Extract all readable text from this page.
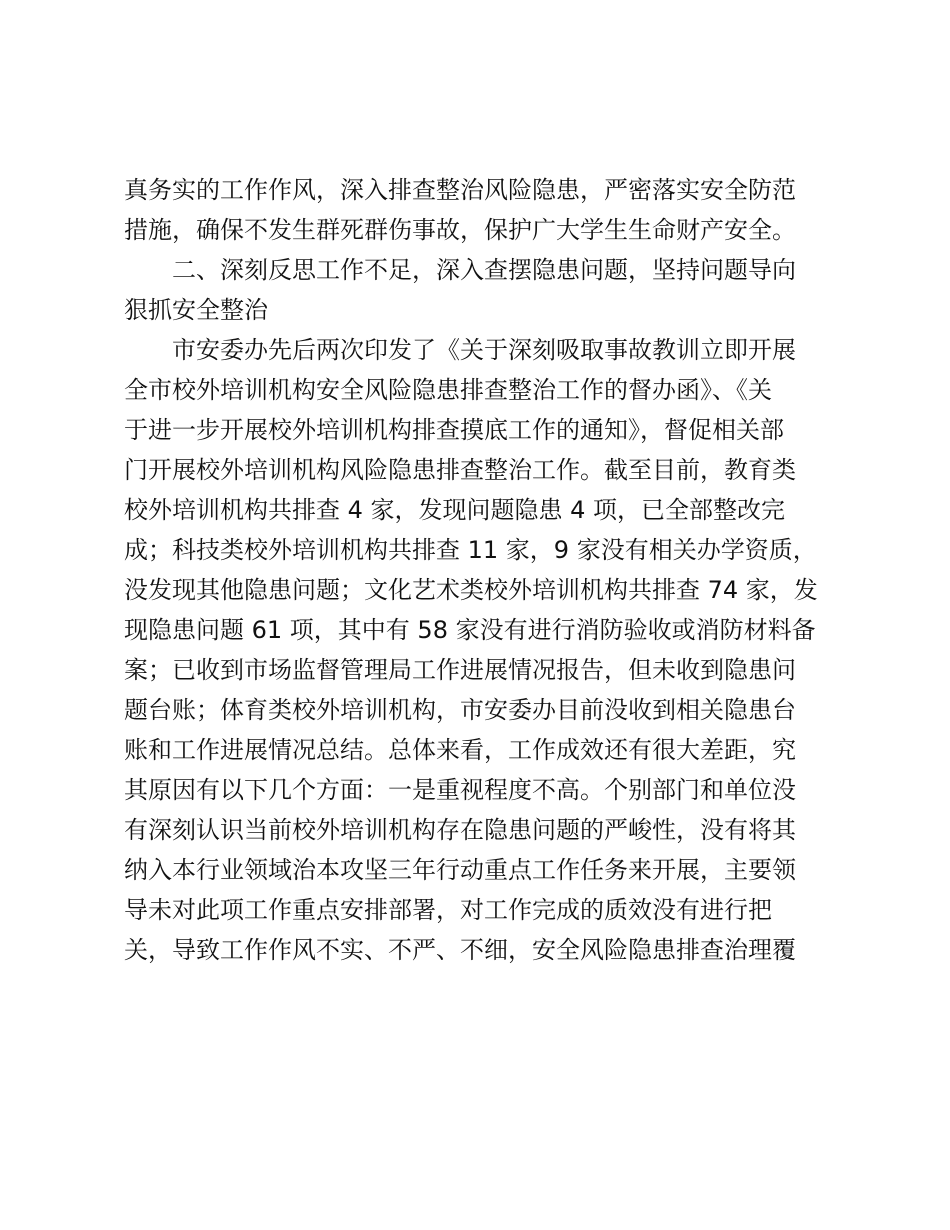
真务实的工作作风，深入排查整治风险隐患，严密落实安全防范
措施，确保不发生群死群伤事故，保护广大学生生命财产安全。
　　二、深刻反思工作不足，深入查摆隐患问题，坚持问题导向
狠抓安全整治
　　市安委办先后两次印发了《关于深刻吸取事故教训立即开展
全市校外培训机构安全风险隐患排查整治工作的督办函》、《关
于进一步开展校外培训机构排查摸底工作的通知》，督促相关部
门开展校外培训机构风险隐患排查整治工作。截至目前，教育类
校外培训机构共排查 4 家，发现问题隐患 4 项，已全部整改完
成；科技类校外培训机构共排查 11 家，9 家没有相关办学资质，
没发现其他隐患问题；文化艺术类校外培训机构共排查 74 家，发
现隐患问题 61 项，其中有 58 家没有进行消防验收或消防材料备
案；已收到市场监督管理局工作进展情况报告，但未收到隐患问
题台账；体育类校外培训机构，市安委办目前没收到相关隐患台
账和工作进展情况总结。总体来看，工作成效还有很大差距，究
其原因有以下几个方面：一是重视程度不高。个别部门和单位没
有深刻认识当前校外培训机构存在隐患问题的严峻性，没有将其
纳入本行业领域治本攻坚三年行动重点工作任务来开展，主要领
导未对此项工作重点安排部署，对工作完成的质效没有进行把
关，导致工作作风不实、不严、不细，安全风险隐患排查治理覆
